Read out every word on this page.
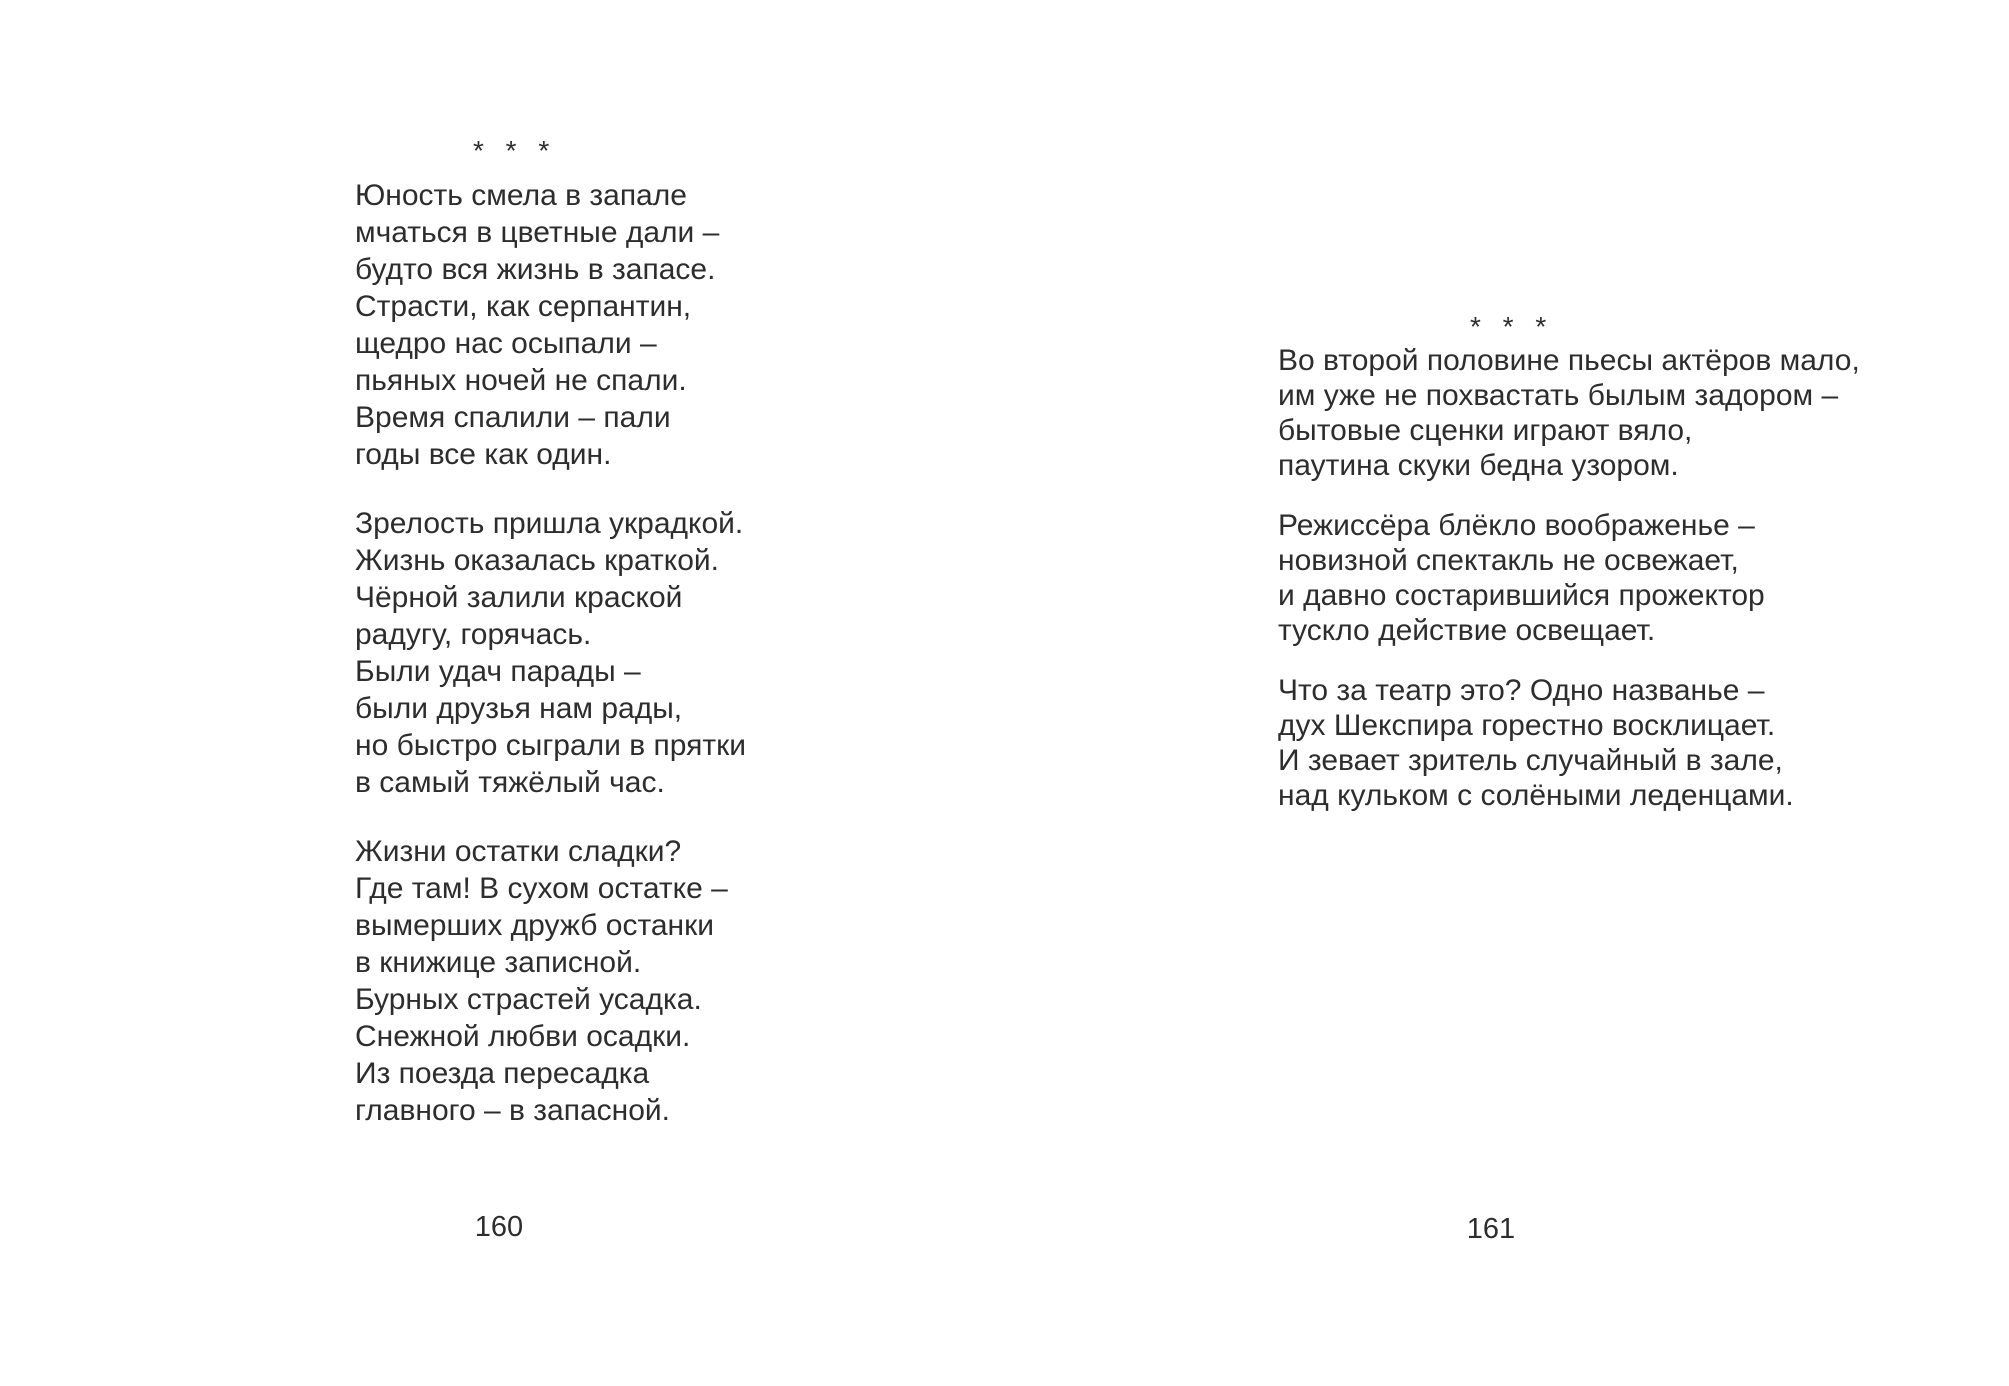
* * *
Юность смела в запале
мчаться в цветные дали –
будто вся жизнь в запасе.
Страсти, как серпантин,
щедро нас осыпали –
пьяных ночей не спали.
Время спалили – пали
годы все как один.
Зрелость пришла украдкой.
Жизнь оказалась краткой.
Чёрной залили краской
радугу, горячась.
Были удач парады –
были друзья нам рады,
но быстро сыграли в прятки
в самый тяжёлый час.
Жизни остатки сладки?
Где там! В сухом остатке –
вымерших дружб останки
в книжице записной.
Бурных страстей усадка.
Снежной любви осадки.
Из поезда пересадка
главного – в запасной.
* * *
Во второй половине пьесы актёров мало,
им уже не похвастать былым задором –
бытовые сценки играют вяло,
паутина скуки бедна узором.
Режиссёра блёкло воображенье –
новизной спектакль не освежает,
и давно состарившийся прожектор
тускло действие освещает.
Что за театр это? Одно названье –
дух Шекспира горестно восклицает.
И зевает зритель случайный в зале,
над кульком с солёными леденцами.
160	161
